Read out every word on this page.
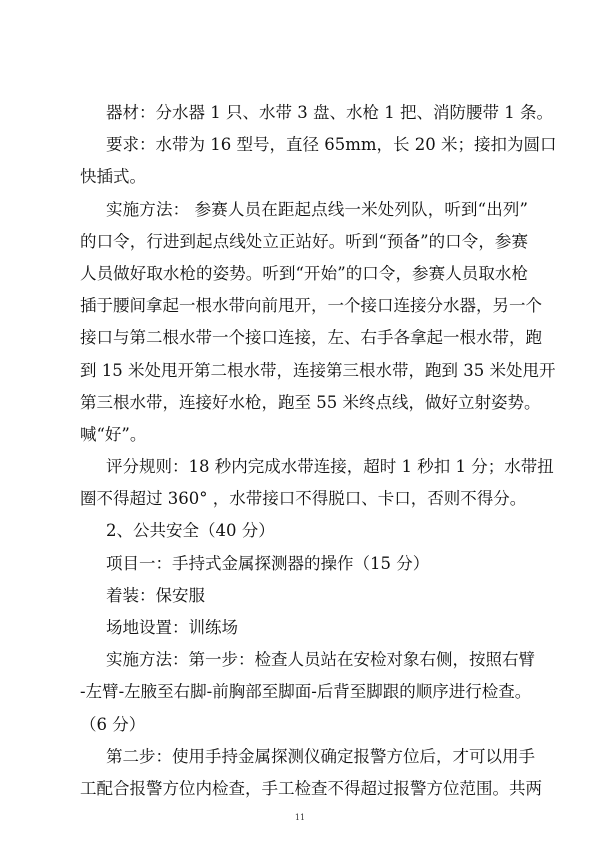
器材：分水器 1 只、水带 3 盘、水枪 1 把、消防腰带 1 条。
要求：水带为 16 型号，直径 65mm，长 20 米；接扣为圆口
快插式。
实施方法： 参赛人员在距起点线一米处列队，听到“出列”
的口令，行进到起点线处立正站好。听到“预备”的口令，参赛
人员做好取水枪的姿势。听到“开始”的口令，参赛人员取水枪
插于腰间拿起一根水带向前甩开，一个接口连接分水器，另一个
接口与第二根水带一个接口连接，左、右手各拿起一根水带，跑
到 15 米处甩开第二根水带，连接第三根水带，跑到 35 米处甩开
第三根水带，连接好水枪，跑至 55 米终点线，做好立射姿势。
喊“好”。
评分规则：18 秒内完成水带连接，超时 1 秒扣 1 分；水带扭
圈不得超过 360° ，水带接口不得脱口、卡口，否则不得分。
2、公共安全（40 分）
项目一：手持式金属探测器的操作（15 分）
着装：保安服
场地设置：训练场
实施方法：第一步：检查人员站在安检对象右侧，按照右臂
-左臂-左腋至右脚-前胸部至脚面-后背至脚跟的顺序进行检查。
（6 分）
第二步：使用手持金属探测仪确定报警方位后，才可以用手
工配合报警方位内检查，手工检查不得超过报警方位范围。共两
11
